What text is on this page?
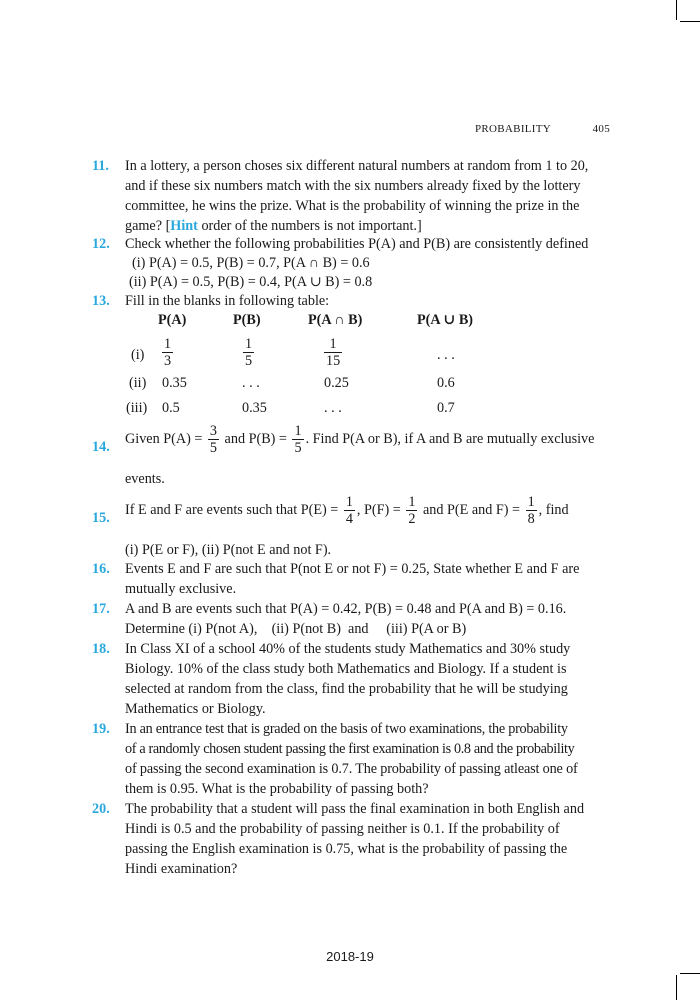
PROBABILITY	405
11. In a lottery, a person choses six different natural numbers at random from 1 to 20,
and if these six numbers match with the six numbers already fixed by the lottery
committee, he wins the prize. What is the probability of winning the prize in the
game? [Hint order of the numbers is not important.]
12. Check whether the following probabilities P(A) and P(B) are consistently defined
(i) P(A) = 0.5, P(B) = 0.7, P(A ∩ B) = 0.6
(ii) P(A) = 0.5, P(B) = 0.4, P(A ∪ B) = 0.8
13. Fill in the blanks in following table:
P(A)	P(B)	P(A ∩ B)	P(A ∪ B)
$(i) \frac{1}{3}$	$\frac{1}{5}$	$\frac{1}{15}$	. . .
(ii) 0.35	. . .	0.25	0.6
(iii) 0.5	0.35	. . .	0.7
14.
Given $P(A) = \frac{3}{5}$ and $P(B) = \frac{1}{5}$ . Find P(A or B), if A and B are mutually exclusive
events.
15.
If E and F are events such that $P(E) = \frac{1}{4}$ , $P(F) = \frac{1}{2}$ and P(E and $F) = \frac{1}{8}$ , find
(i) P(E or F), (ii) P(not E and not F).
16. Events E and F are such that P(not E or not F) = 0.25, State whether E and F are
mutually exclusive.
17. A and B are events such that P(A) = 0.42, P(B) = 0.48 and P(A and B) = 0.16.
Determine (i) P(not A),    (ii) P(not B)  and     (iii) P(A or B)
18. In Class XI of a school 40% of the students study Mathematics and 30% study
Biology. 10% of the class study both Mathematics and Biology. If a student is
selected at random from the class, find the probability that he will be studying
Mathematics or Biology.
19. In an entrance test that is graded on the basis of two examinations, the probability
of a randomly chosen student passing the first examination is 0.8 and the probability
of passing the second examination is 0.7. The probability of passing atleast one of
them is 0.95. What is the probability of passing both?
20. The probability that a student will pass the final examination in both English and
Hindi is 0.5 and the probability of passing neither is 0.1. If the probability of
passing the English examination is 0.75, what is the probability of passing the
Hindi examination?
2018-19
